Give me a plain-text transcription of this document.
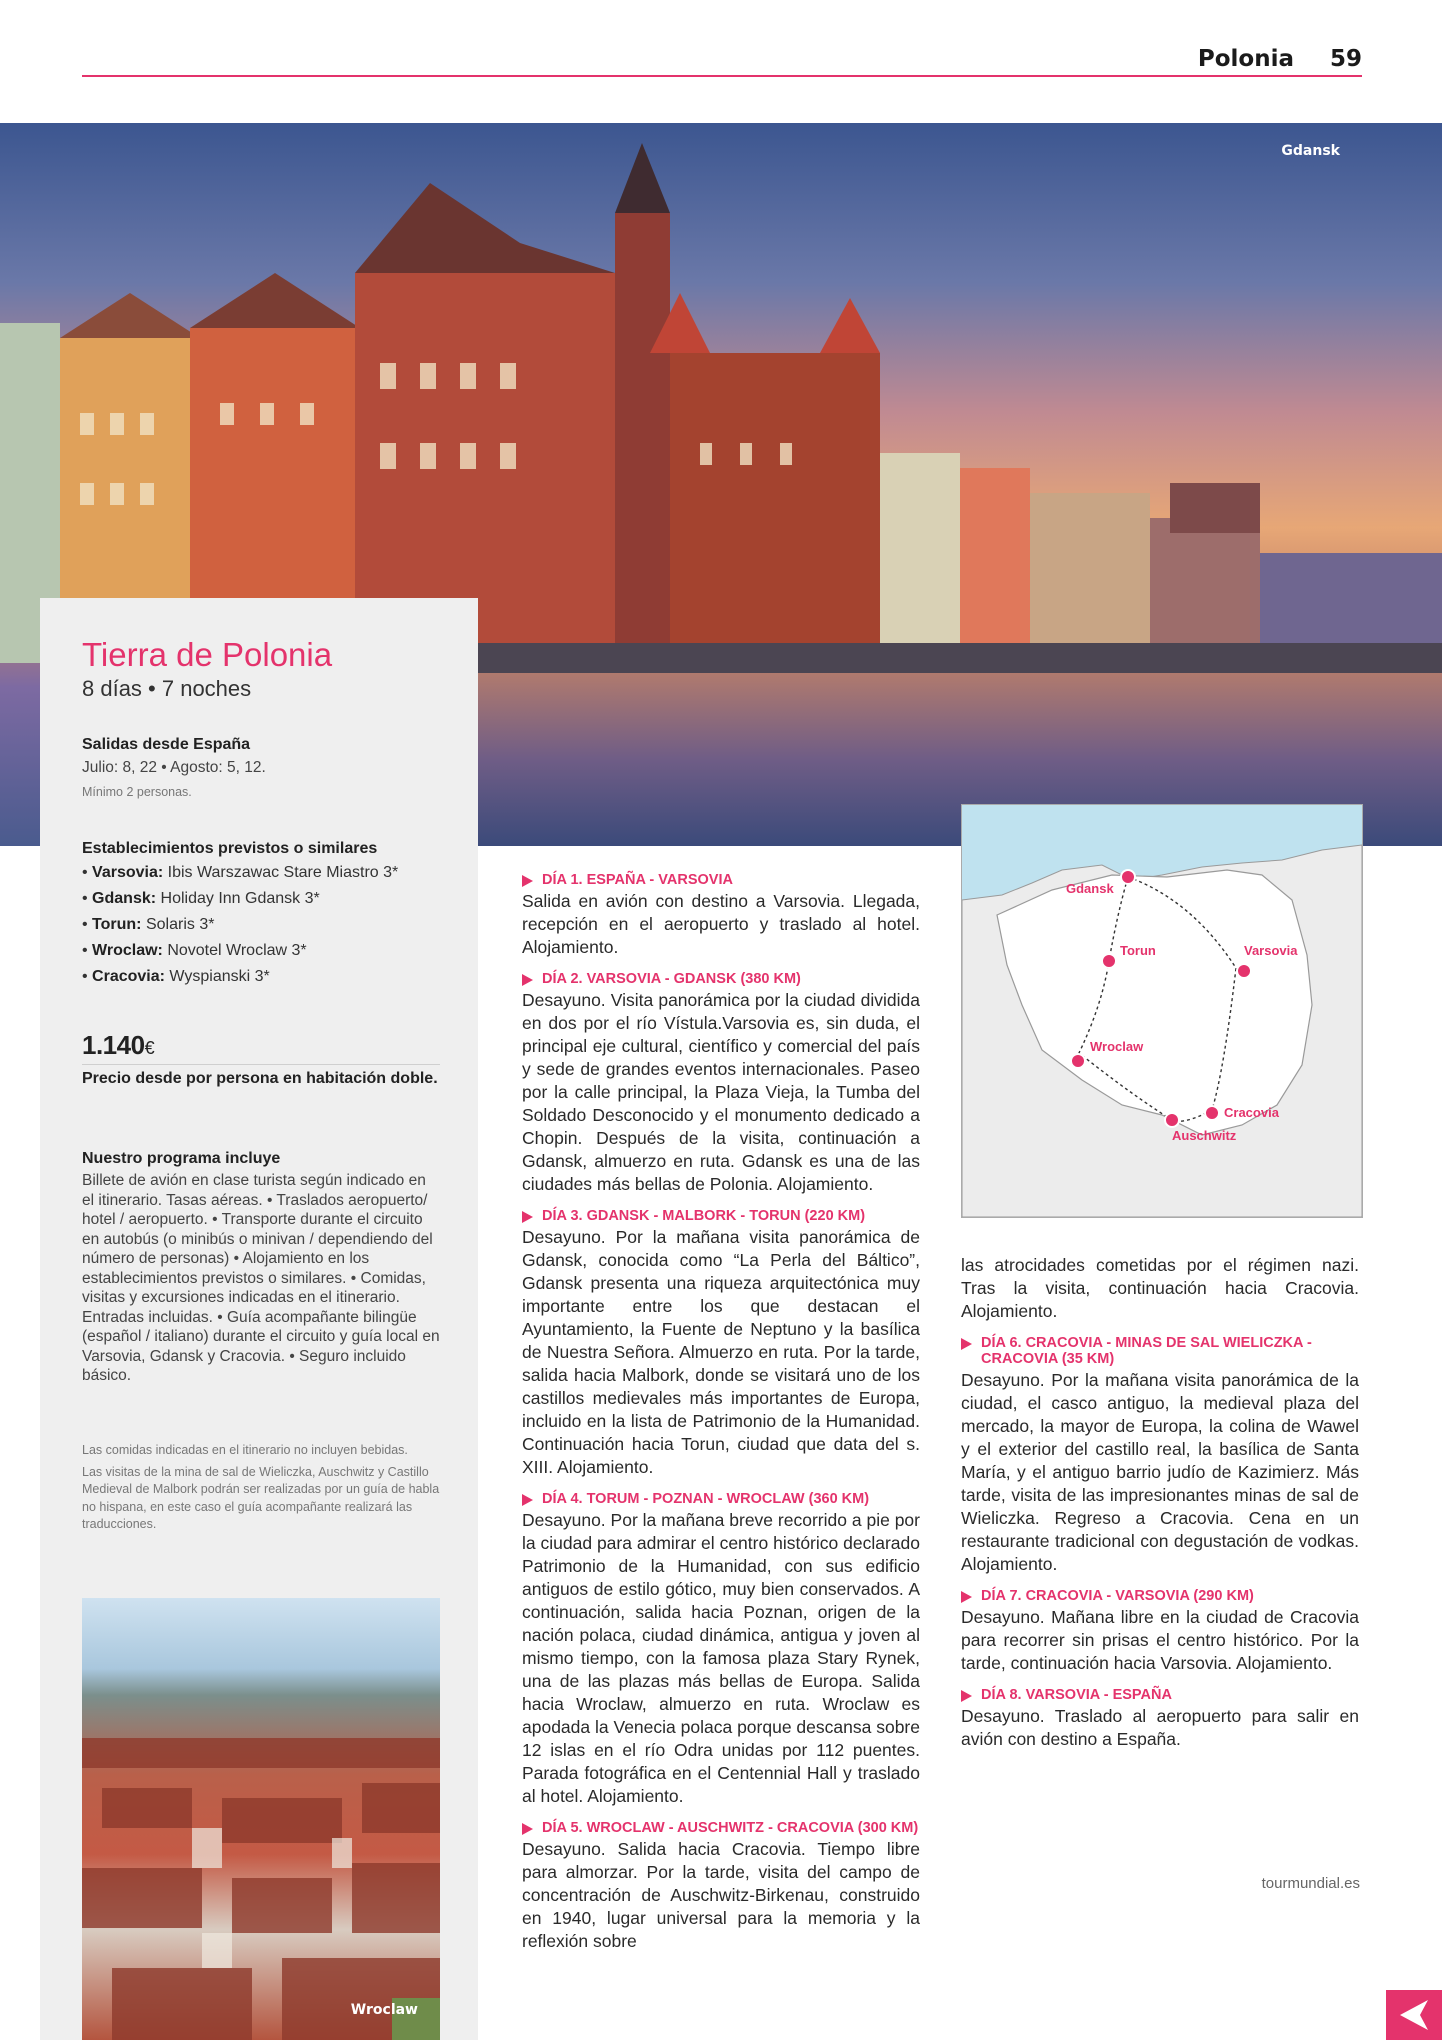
Polonia 59
Gdansk
Tierra de Polonia
8 días • 7 noches
Salidas desde España
Julio: 8, 22 • Agosto: 5, 12.
Mínimo 2 personas.
Establecimientos previstos o similares
• Varsovia: Ibis Warszawac Stare Miastro 3*
• Gdansk: Holiday Inn Gdansk 3*
• Torun: Solaris 3*
• Wroclaw: Novotel Wroclaw 3*
• Cracovia: Wyspianski 3*
1.140€
Precio desde por persona en habitación doble.
Nuestro programa incluye
Billete de avión en clase turista según indicado en el itinerario. Tasas aéreas. • Traslados aeropuerto/ hotel / aeropuerto. • Transporte durante el circuito en autobús (o minibús o minivan / dependiendo del número de personas) • Alojamiento en los establecimientos previstos o similares. • Comidas, visitas y excursiones indicadas en el itinerario. Entradas incluidas. • Guía acompañante bilingüe (español / italiano) durante el circuito y guía local en Varsovia, Gdansk y Cracovia. • Seguro incluido básico.
Las comidas indicadas en el itinerario no incluyen bebidas.
Las visitas de la mina de sal de Wieliczka, Auschwitz y Castillo Medieval de Malbork podrán ser realizadas por un guía de habla no hispana, en este caso el guía acompañante realizará las traducciones.
Wroclaw
DÍA 1. ESPAÑA - VARSOVIA

Salida en avión con destino a Varsovia. Llegada, recepción en el aeropuerto y traslado al hotel. Alojamiento.

DÍA 2. VARSOVIA - GDANSK (380 KM)

Desayuno. Visita panorámica por la ciudad dividida en dos por el río Vístula.Varsovia es, sin duda, el principal eje cultural, científico y comercial del país y sede de grandes eventos internacionales. Paseo por la calle principal, la Plaza Vieja, la Tumba del Soldado Desconocido y el monumento dedicado a Chopin. Después de la visita, continuación a Gdansk, almuerzo en ruta. Gdansk es una de las ciudades más bellas de Polonia. Alojamiento.

DÍA 3. GDANSK - MALBORK - TORUN (220 KM)

Desayuno. Por la mañana visita panorámica de Gdansk, conocida como “La Perla del Báltico”, Gdansk presenta una riqueza arquitectónica muy importante entre los que destacan el Ayuntamiento, la Fuente de Neptuno y la basílica de Nuestra Señora. Almuerzo en ruta. Por la tarde, salida hacia Malbork, donde se visitará uno de los castillos medievales más importantes de Europa, incluido en la lista de Patrimonio de la Humanidad. Continuación hacia Torun, ciudad que data del s. XIII. Alojamiento.

DÍA 4. TORUM - POZNAN - WROCLAW (360 KM)

Desayuno. Por la mañana breve recorrido a pie por la ciudad para admirar el centro histórico declarado Patrimonio de la Humanidad, con sus edificio antiguos de estilo gótico, muy bien conservados. A continuación, salida hacia Poznan, origen de la nación polaca, ciudad dinámica, antigua y joven al mismo tiempo, con la famosa plaza Stary Rynek, una de las plazas más bellas de Europa. Salida hacia Wroclaw, almuerzo en ruta. Wroclaw es apodada la Venecia polaca porque descansa sobre 12 islas en el río Odra unidas por 112 puentes. Parada fotográfica en el Centennial Hall y traslado al hotel. Alojamiento.

DÍA 5. WROCLAW - AUSCHWITZ - CRACOVIA (300 KM)

Desayuno. Salida hacia Cracovia. Tiempo libre para almorzar. Por la tarde, visita del campo de concentración de Auschwitz-Birkenau, construido en 1940, lugar universal para la memoria y la reflexión sobre

Gdansk
Torun	Varsovia
Wroclaw
Cracovia
Auschwitz

las atrocidades cometidas por el régimen nazi. Tras la visita, continuación hacia Cracovia. Alojamiento.

DÍA 6. CRACOVIA - MINAS DE SAL WIELICZKA - CRACOVIA (35 KM)

Desayuno. Por la mañana visita panorámica de la ciudad, el casco antiguo, la medieval plaza del mercado, la mayor de Europa, la colina de Wawel y el exterior del castillo real, la basílica de Santa María, y el antiguo barrio judío de Kazimierz. Más tarde, visita de las impresionantes minas de sal de Wieliczka. Regreso a Cracovia. Cena en un restaurante tradicional con degustación de vodkas. Alojamiento.

DÍA 7. CRACOVIA - VARSOVIA (290 KM)

Desayuno. Mañana libre en la ciudad de Cracovia para recorrer sin prisas el centro histórico. Por la tarde, continuación hacia Varsovia. Alojamiento.

DÍA 8. VARSOVIA - ESPAÑA

Desayuno. Traslado al aeropuerto para salir en avión con destino a España.

tourmundial.es
